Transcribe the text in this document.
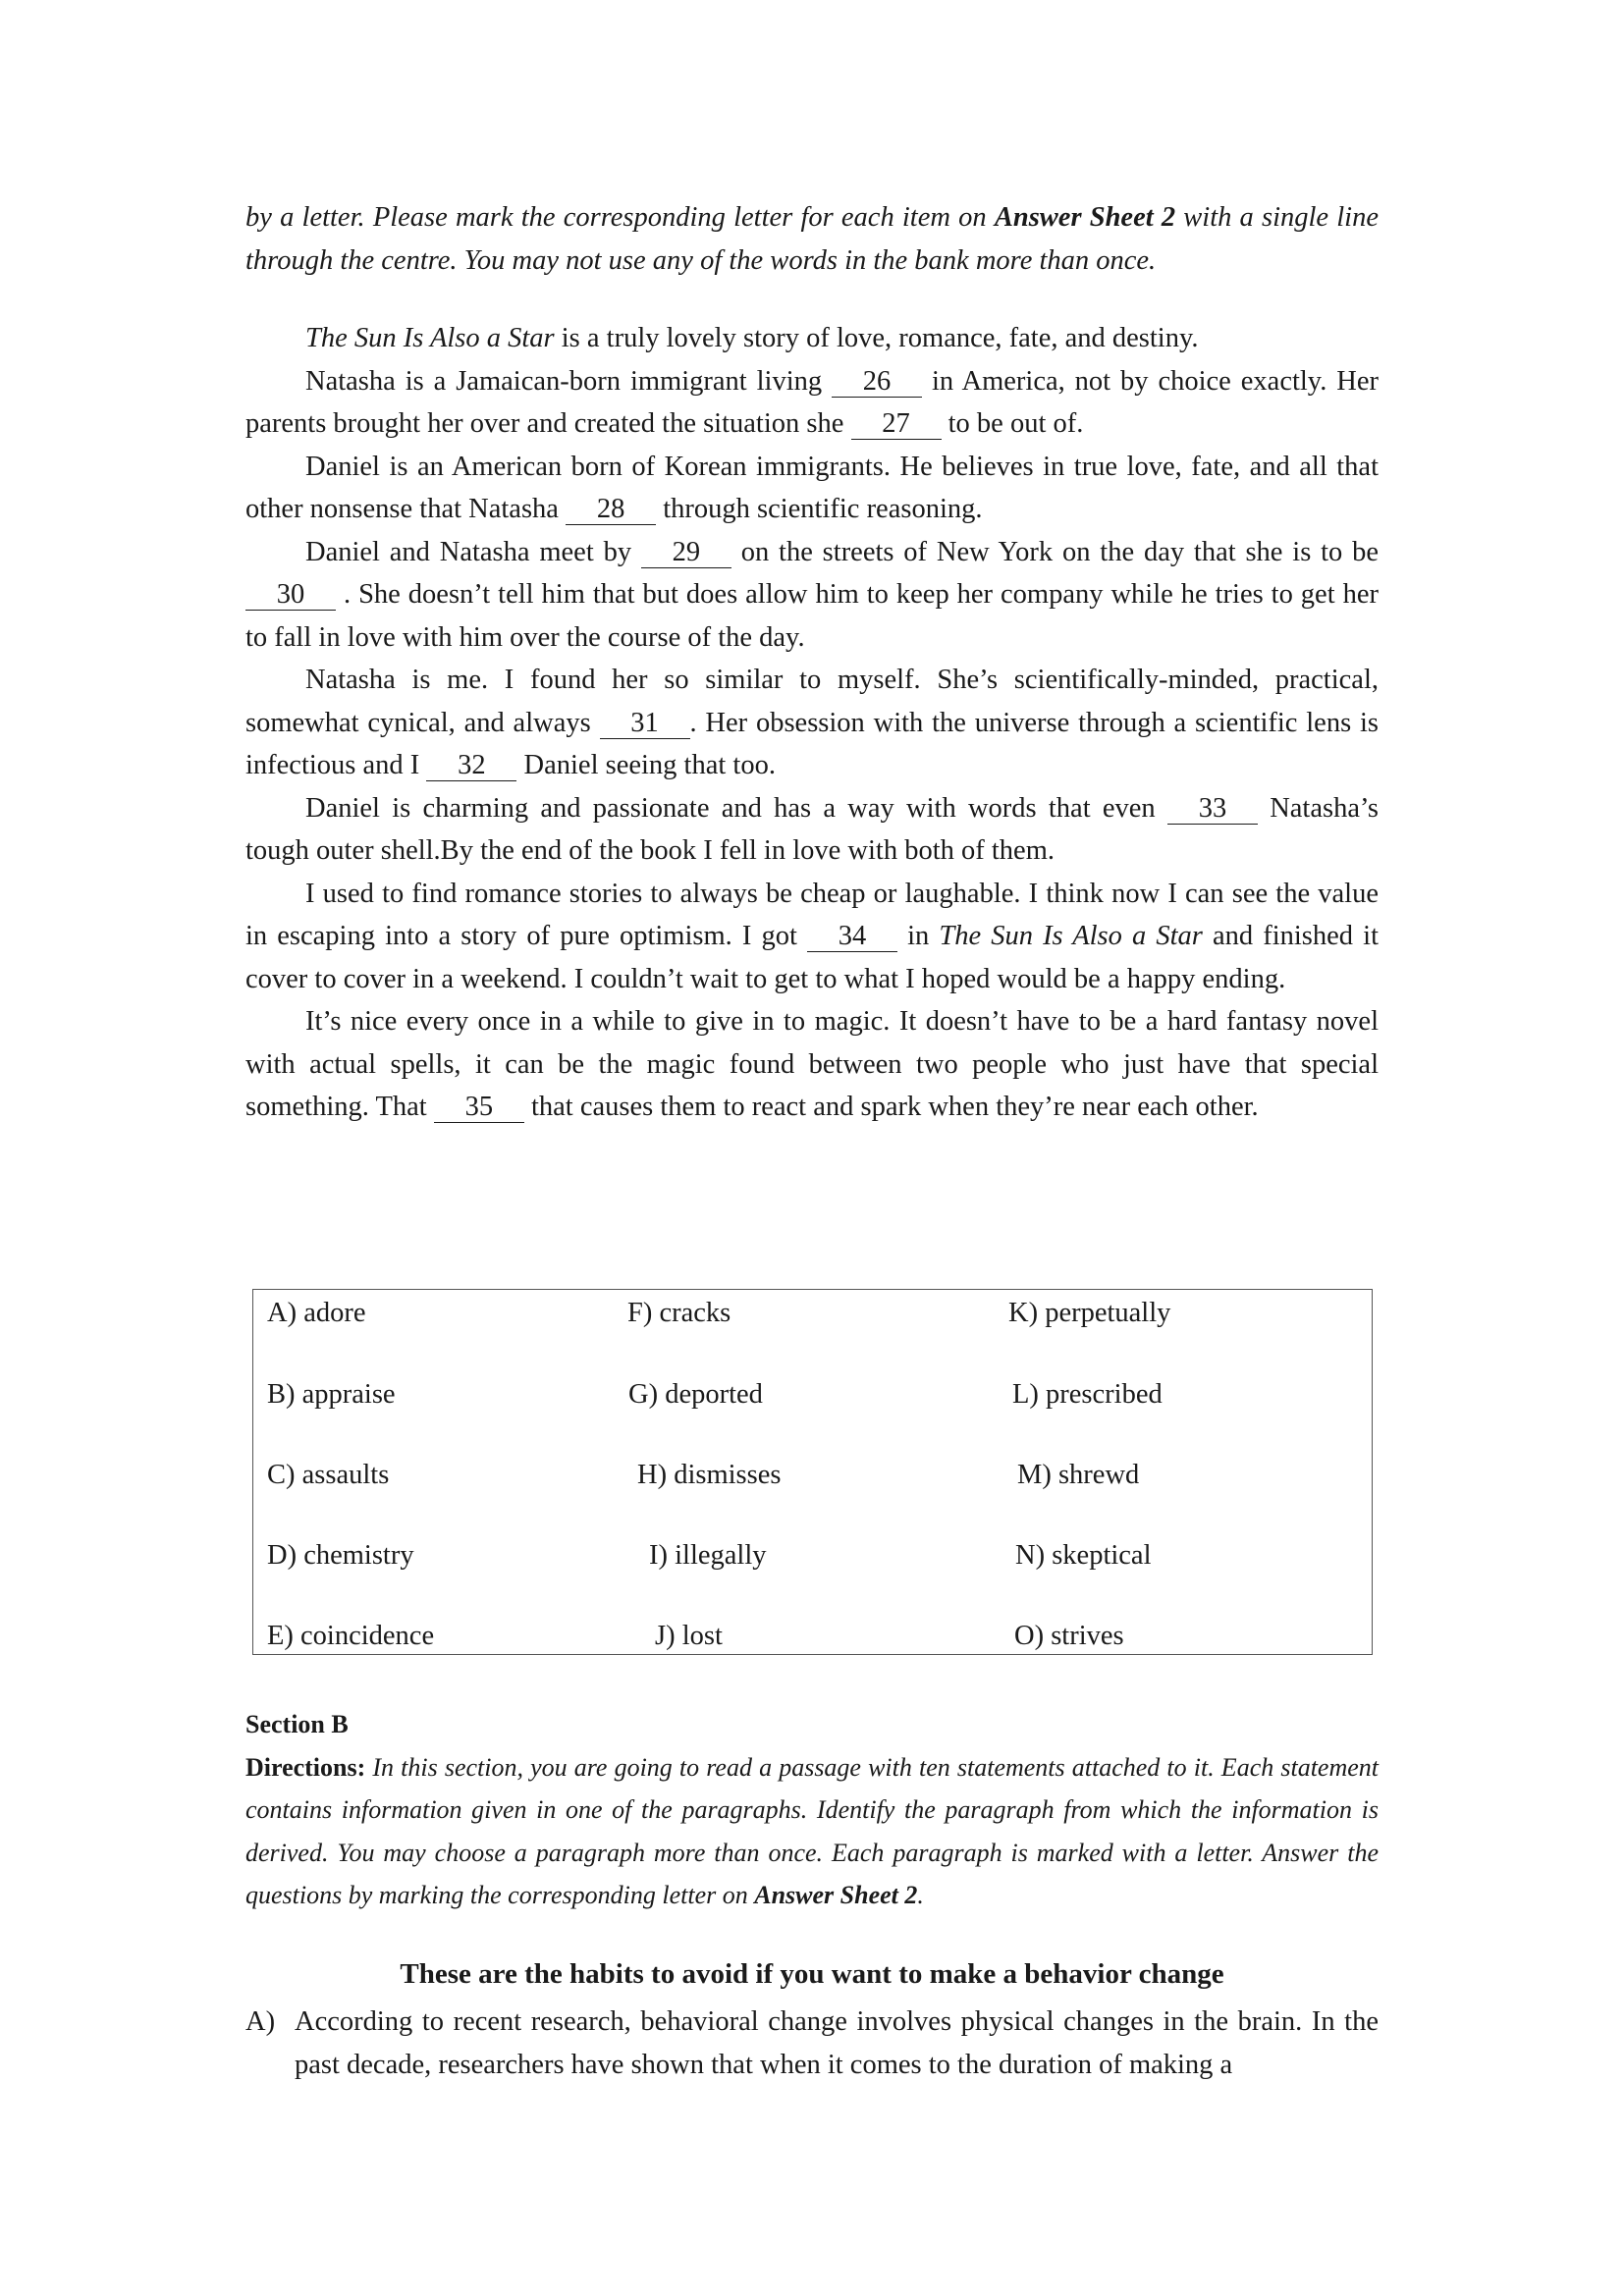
by a letter. Please mark the corresponding letter for each item on Answer Sheet 2 with a single line through the centre. You may not use any of the words in the bank more than once.

The Sun Is Also a Star is a truly lovely story of love, romance, fate, and destiny.

Natasha is a Jamaican-born immigrant living 26 in America, not by choice exactly. Her parents brought her over and created the situation she 27 to be out of.

Daniel is an American born of Korean immigrants. He believes in true love, fate, and all that other nonsense that Natasha 28 through scientific reasoning.

Daniel and Natasha meet by 29 on the streets of New York on the day that she is to be 30 . She doesn’t tell him that but does allow him to keep her company while he tries to get her to fall in love with him over the course of the day.

Natasha is me. I found her so similar to myself. She’s scientifically-minded, practical, somewhat cynical, and always 31 . Her obsession with the universe through a scientific lens is infectious and I 32 Daniel seeing that too.

Daniel is charming and passionate and has a way with words that even 33 Natasha’s tough outer shell.By the end of the book I fell in love with both of them.

I used to find romance stories to always be cheap or laughable. I think now I can see the value in escaping into a story of pure optimism. I got 34 in The Sun Is Also a Star and finished it cover to cover in a weekend. I couldn’t wait to get to what I hoped would be a happy ending.

It’s nice every once in a while to give in to magic. It doesn’t have to be a hard fantasy novel with actual spells, it can be the magic found between two people who just have that special something. That 35 that causes them to react and spark when they’re near each other.

A) adore	F) cracks	K) perpetually
B) appraise	G) deported	L) prescribed
C) assaults	H) dismisses	M) shrewd
D) chemistry	I) illegally	N) skeptical
E) coincidence	J) lost	O) strives

Section B

Directions: In this section, you are going to read a passage with ten statements attached to it. Each statement contains information given in one of the paragraphs. Identify the paragraph from which the information is derived. You may choose a paragraph more than once. Each paragraph is marked with a letter. Answer the questions by marking the corresponding letter on Answer Sheet 2.

These are the habits to avoid if you want to make a behavior change
A) According to recent research, behavioral change involves physical changes in the brain. In the past decade, researchers have shown that when it comes to the duration of making a
